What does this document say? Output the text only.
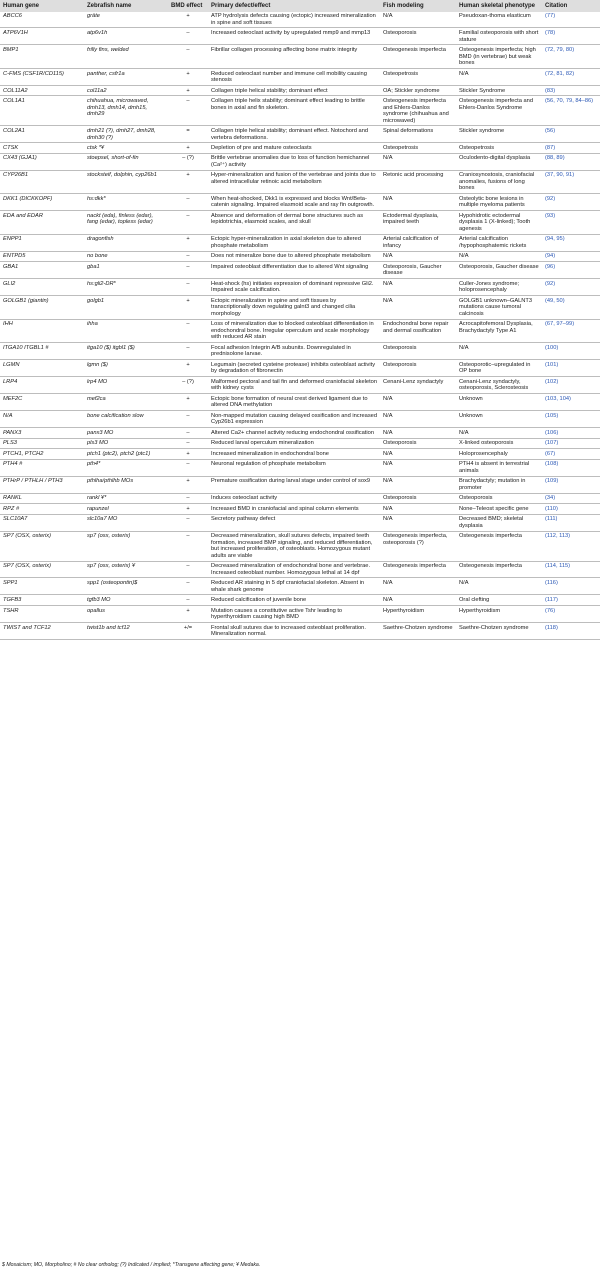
Human gene	Zebrafish name	BMD effect	Primary defect/effect	Fish modeling	Human skeletal phenotype	Citation
ABCC6	gräte	+	ATP hydrolysis defects causing (ectopic) increased mineralization in spine and soft tissues	N/A	Pseudoxan-thoma elasticum	(77)
ATP6V1H	atp6v1h	–	Increased osteoclast activity by upregulated mmp9 and mmp13	Osteoporosis	Familial osteoporosis with short stature	(78)
BMP1	frilly fins, welded	–	Fibrillar collagen processing affecting bone matrix integrity	Osteogenesis imperfecta	Osteogenesis imperfecta; high BMD (in vertebrae) but weak bones	(72, 79, 80)
C-FMS (CSF1R/CD115)	panther, csfr1a	+	Reduced osteoclast number and immune cell mobility causing stenosis	Osteopetrosis	N/A	(72, 81, 82)
COL11A2	col11a2	+	Collagen triple helical stability; dominant effect	OA; Stickler syndrome	Stickler Syndrome	(83)
COL1A1	chihuahua, microwaved, dmh13, dmh14, dmh15, dmh29	–	Collagen triple helix stability; dominant effect leading to brittle bones in axial and fin skeleton.	Osteogenesis imperfecta and Ehlers-Danlos syndrome (chihuahua and microwaved)	Osteogenesis imperfecta and Ehlers-Danlos Syndrome	(56, 70, 79, 84–86)
COL2A1	dmh21 (?), dmh27, dmh28, dmh30 (?)	=	Collagen triple helical stability; dominant effect. Notochord and vertebra deformations.	Spinal deformations	Stickler syndrome	(56)
CTSK	ctsk *¥	+	Depletion of pre and mature osteoclasts	Osteopetrosis	Osteopetrosis	(87)
CX43 (GJA1)	stoepsel, short-of-fin	– (?)	Brittle vertebrae anomalies due to loss of function hemichannel (Ca²⁺) activity	N/A	Oculodento-digital dysplasia	(88, 89)
CYP26B1	stocksteif, dolphin, cyp26b1	+	Hyper-mineralization and fusion of the vertebrae and joints due to altered intracellular retinoic acid metabolism	Retonic acid processing	Craniosynostosis, craniofacial anomalies, fusions of long bones	(37, 90, 91)
DKK1 (DICKKOPF)	hs:dkk*	–	When heat-shocked, Dkk1 is expressed and blocks Wnt/Beta-catenin signaling. Impaired elasmoid scale and ray fin outgrowth.	N/A	Osteolytic bone lesions in multiple myeloma patients	(92)
EDA and EDAR	nackt (eda), finless (edar), fang (edar), topless (edar)	–	Absence and deformation of dermal bone structures such as lepidotrichia, elasmoid scales, and skull	Ectodermal dysplasia, impaired teeth	Hypohidrotic ectodermal dysplasia 1 (X-linked); Tooth agenesis	(93)
ENPP1	dragonfish	+	Ectopic hyper-mineralization in axial skeleton due to altered phosphate metabolism	Arterial calcification of infancy	Arterial calcification /hypophosphatemic rickets	(94, 95)
ENTPD5	no bone	–	Does not mineralize bone due to altered phosphate metabolism	N/A	N/A	(94)
GBA1	gba1	–	Impaired osteoblast differentiation due to altered Wnt signaling	Osteoporosis, Gaucher disease	Osteoporosis, Gaucher disease	(96)
GLI2	hs:gli2-DR*	–	Heat-shock (hs) initiates expression of dominant repressive Gli2. Impaired scale calcification.	N/A	Culler-Jones syndrome; holoprosencephaly	(92)
GOLGB1 (giantin)	golgb1	+	Ectopic mineralization in spine and soft tissues by transcriptionally down regulating galnt3 and changed cilia morphology	N/A	GOLGB1 unknown–GALNT3 mutations cause tumoral calcinosis	(49, 50)
IHH	ihha	–	Loss of mineralization due to blocked osteoblast differentiation in endochondral bone. Irregular operculum and scale morphology with reduced AR stain	Endochondral bone repair and dermal ossification	Acrocapitofemoral Dysplasia, Brachydactyly Type A1	(67, 97–99)
ITGA10 ITGBL1 #	itga10 ($) itgbl1 ($)	–	Focal adhesion Integrin A/B subunits. Downregulated in prednisolone larvae.	Osteoporosis	N/A	(100)
LGMN	lgmn ($)	+	Legumain (secreted cysteine protease) inhibits osteoblast activity by degradation of fibronectin	Osteoporosis	Osteoporotic–upregulated in OP bone	(101)
LRP4	lrp4 MO	– (?)	Malformed pectoral and tail fin and deformed craniofacial skeleton with kidney cysts	Cenani-Lenz syndactyly	Cenani-Lenz syndactyly, osteoporosis, Sclerosteosis	(102)
MEF2C	mef2ca	+	Ectopic bone formation of neural crest derived ligament due to altered DNA methylation	N/A	Unknown	(103, 104)
N/A	bone calcification slow	–	Non-mapped mutation causing delayed ossification and increased Cyp26b1 expression	N/A	Unknown	(105)
PANX3	panx3 MO	–	Altered Ca2+ channel activity reducing endochondral ossification	N/A	N/A	(106)
PLS3	pls3 MO	–	Reduced larval operculum mineralization	Osteoporosis	X-linked osteoporosis	(107)
PTCH1, PTCH2	ptch1 (ptc2), ptch2 (ptc1)	+	Increased mineralization in endochondral bone	N/A	Holoprosencephaly	(67)
PTH4 #	pth4*	–	Neuronal regulation of phosphate metabolism	N/A	PTH4 is absent in terrestrial animals	(108)
PTHrP / PTHLH / PTH3	pthlha/pthlhb MOs	+	Premature ossification during larval stage under control of sox9	N/A	Brachydactyly; mutation in promoter	(109)
RANKL	rankl ¥*	–	Induces osteoclast activity	Osteoporosis	Osteoporosis	(34)
RPZ #	rapunzel	+	Increased BMD in craniofacial and spinal column elements	N/A	None–Teleost specific gene	(110)
SLC10A7	slc10a7 MO	–	Secretory pathway defect	N/A	Decreased BMD; skeletal dysplasia	(111)
SP7 (OSX, osterix)	sp7 (osx, osterix)	–	Decreased mineralization, skull sutures defects, impaired teeth formation, increased BMP signaling, and reduced differentiation, but increased proliferation, of osteoblasts. Homozygous mutant adults are viable	Osteogenesis imperfecta, osteoporosis (?)	Osteogenesis imperfecta	(112, 113)
SP7 (OSX, osterix)	sp7 (osx, osterix) ¥	–	Decreased mineralization of endochondral bone and vertebrae. Increased osteoblast number. Homozygous lethal at 14 dpf	Osteogenesis imperfecta	Osteogenesis imperfecta	(114, 115)
SPP1	spp1 (osteopontin)$	–	Reduced AR staining in 5 dpf craniofacial skeleton. Absent in whale shark genome	N/A	N/A	(116)
TGFB3	tgfb3 MO	–	Reduced calcification of juvenile bone	N/A	Oral clefting	(117)
TSHR	opallus	+	Mutation causes a constitutive active Tshr leading to hyperthyroidism causing high BMD	Hyperthyroidism	Hyperthyroidism	(76)
TWIST and TCF12	twist1b and tcf12	+/=	Frontal skull sutures due to increased osteoblast proliferation. Mineralization normal.	Saethre-Chotzen syndrome	Saethre-Chotzen syndrome	(118)
$ Mosaicism; MO, Morpholino; # No clear ortholog; (?) Indicated / implied; *Transgene affecting gene; ¥ Medaka.
